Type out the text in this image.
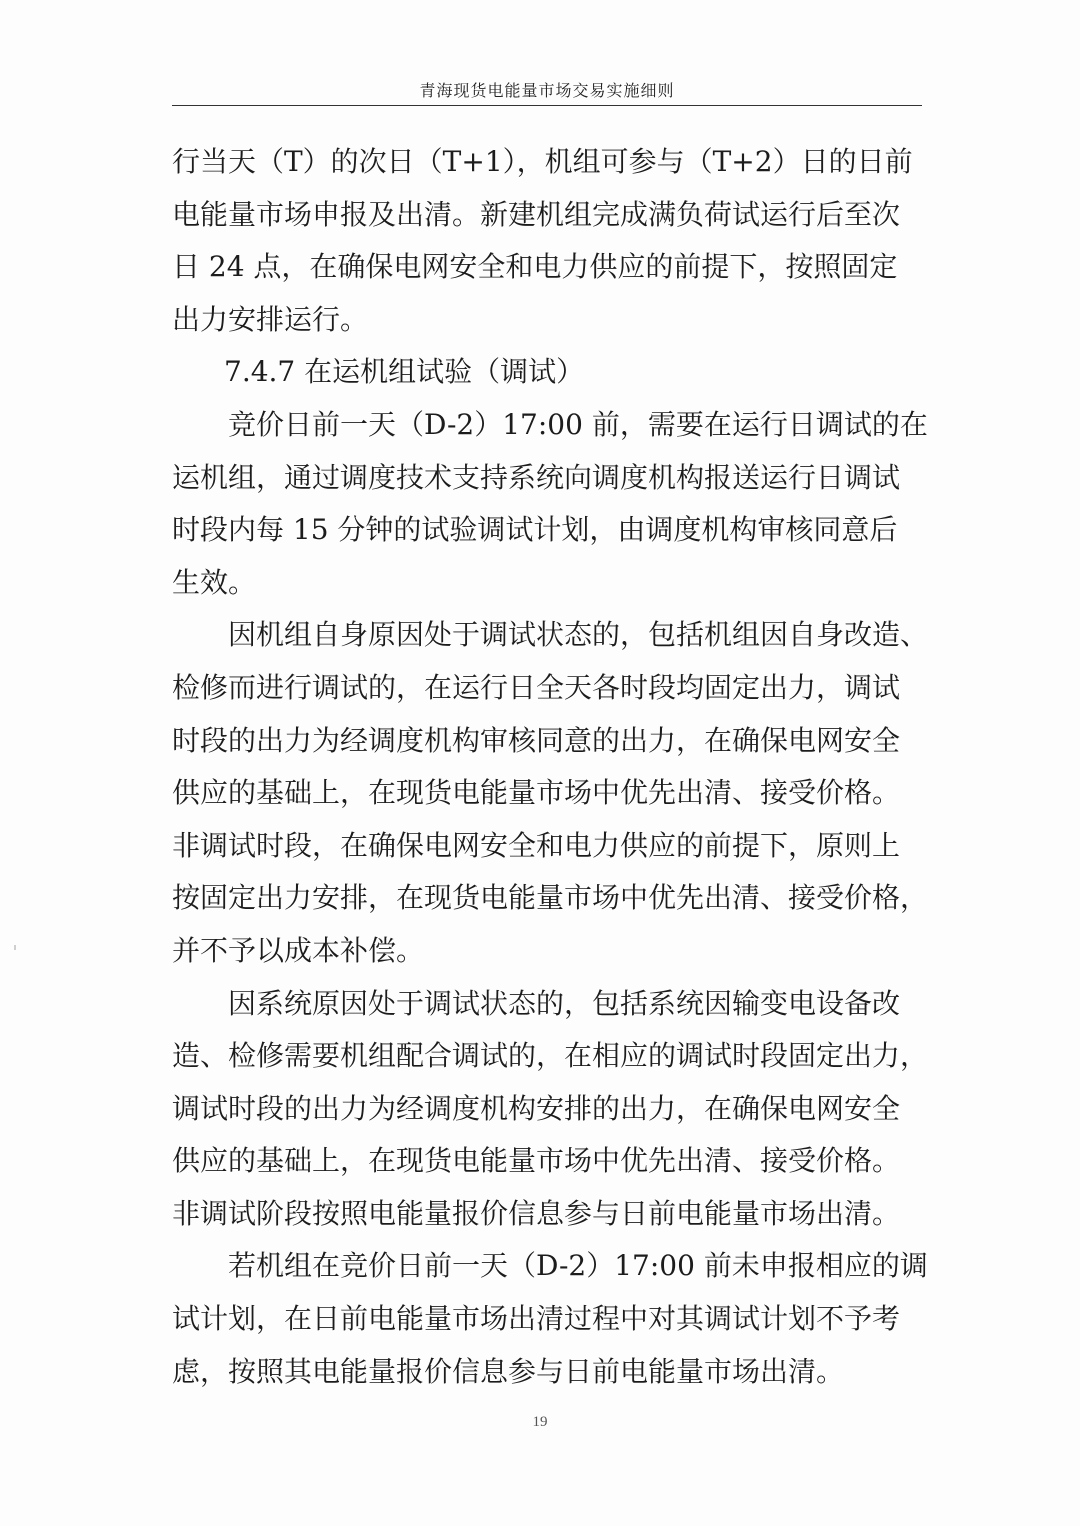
青海现货电能量市场交易实施细则
行当天（T）的次日（T+1），机组可参与（T+2）日的日前
电能量市场申报及出清。新建机组完成满负荷试运行后至次
日 24 点，在确保电网安全和电力供应的前提下，按照固定
出力安排运行。
7.4.7 在运机组试验（调试）
竞价日前一天（D-2）17:00 前，需要在运行日调试的在
运机组，通过调度技术支持系统向调度机构报送运行日调试
时段内每 15 分钟的试验调试计划，由调度机构审核同意后
生效。
因机组自身原因处于调试状态的，包括机组因自身改造、
检修而进行调试的，在运行日全天各时段均固定出力，调试
时段的出力为经调度机构审核同意的出力，在确保电网安全
供应的基础上，在现货电能量市场中优先出清、接受价格。
非调试时段，在确保电网安全和电力供应的前提下，原则上
按固定出力安排，在现货电能量市场中优先出清、接受价格，
并不予以成本补偿。
因系统原因处于调试状态的，包括系统因输变电设备改
造、检修需要机组配合调试的，在相应的调试时段固定出力，
调试时段的出力为经调度机构安排的出力，在确保电网安全
供应的基础上，在现货电能量市场中优先出清、接受价格。
非调试阶段按照电能量报价信息参与日前电能量市场出清。
若机组在竞价日前一天（D-2）17:00 前未申报相应的调
试计划，在日前电能量市场出清过程中对其调试计划不予考
虑，按照其电能量报价信息参与日前电能量市场出清。
19
